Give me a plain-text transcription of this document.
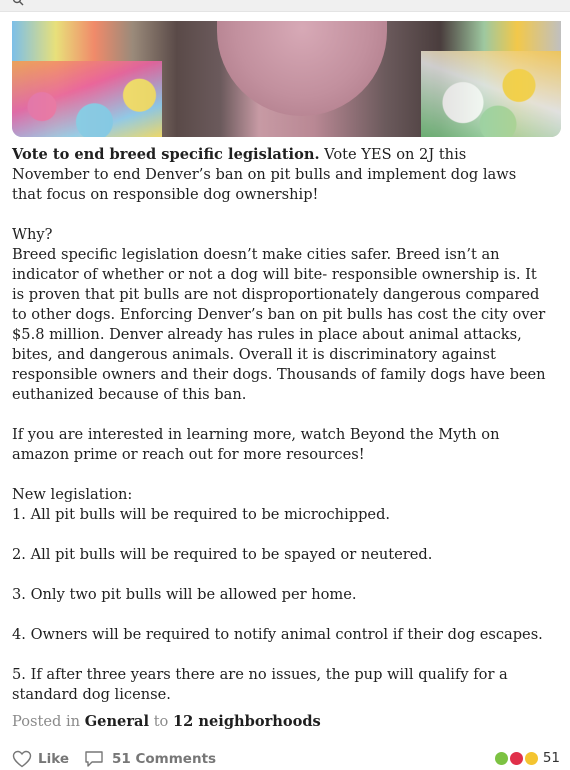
Vote to end breed specific legislation. Vote YES on 2J this November to end Denver’s ban on pit bulls and implement dog laws that focus on responsible dog ownership!

Why?

Breed specific legislation doesn’t make cities safer. Breed isn’t an indicator of whether or not a dog will bite- responsible ownership is. It is proven that pit bulls are not disproportionately dangerous compared to other dogs. Enforcing Denver’s ban on pit bulls has cost the city over $5.8 million. Denver already has rules in place about animal attacks, bites, and dangerous animals. Overall it is discriminatory against responsible owners and their dogs. Thousands of family dogs have been euthanized because of this ban.

If you are interested in learning more, watch Beyond the Myth on amazon prime or reach out for more resources!

New legislation:

1. All pit bulls will be required to be microchipped.

2. All pit bulls will be required to be spayed or neutered.

3. Only two pit bulls will be allowed per home.

4. Owners will be required to notify animal control if their dog escapes.

5. If after three years there are no issues, the pup will qualify for a standard dog license.

Posted in General to 12 neighborhoods
Like	51 Comments	51
